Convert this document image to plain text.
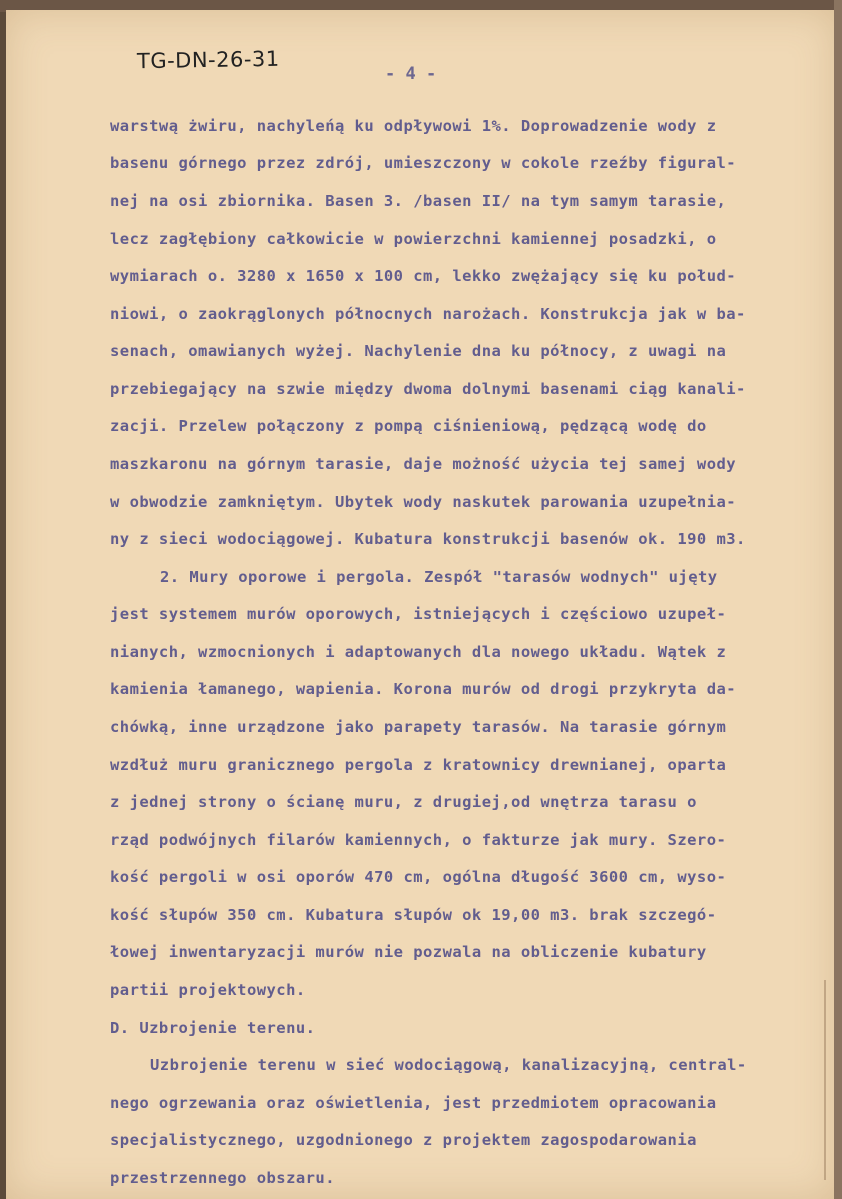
TG-DN-26-31
- 4 -
warstwą żwiru, nachyleńą ku odpływowi 1%. Doprowadzenie wody z
basenu górnego przez zdrój, umieszczony w cokole rzeźby figural-
nej na osi zbiornika. Basen 3. /basen II/ na tym samym tarasie,
lecz zagłębiony całkowicie w powierzchni kamiennej posadzki, o
wymiarach o. 3280 x 1650 x 100 cm, lekko zwężający się ku połud-
niowi, o zaokrąglonych północnych narożach. Konstrukcja jak w ba-
senach, omawianych wyżej. Nachylenie dna ku północy, z uwagi na
przebiegający na szwie między dwoma dolnymi basenami ciąg kanali-
zacji. Przelew połączony z pompą ciśnieniową, pędzącą wodę do
maszkaronu na górnym tarasie, daje możność użycia tej samej wody
w obwodzie zamkniętym. Ubytek wody naskutek parowania uzupełnia-
ny z sieci wodociągowej. Kubatura konstrukcji basenów ok. 190 m3.
2. Mury oporowe i pergola. Zespół "tarasów wodnych" ujęty
jest systemem murów oporowych, istniejących i częściowo uzupeł-
nianych, wzmocnionych i adaptowanych dla nowego układu. Wątek z
kamienia łamanego, wapienia. Korona murów od drogi przykryta da-
chówką, inne urządzone jako parapety tarasów. Na tarasie górnym
wzdłuż muru granicznego pergola z kratownicy drewnianej, oparta
z jednej strony o ścianę muru, z drugiej,od wnętrza tarasu o
rząd podwójnych filarów kamiennych, o fakturze jak mury. Szero-
kość pergoli w osi oporów 470 cm, ogólna długość 3600 cm, wyso-
kość słupów 350 cm. Kubatura słupów ok 19,00 m3. brak szczegó-
łowej inwentaryzacji murów nie pozwala na obliczenie kubatury
partii projektowych.
D. Uzbrojenie terenu.
Uzbrojenie terenu w sieć wodociągową, kanalizacyjną, central-
nego ogrzewania oraz oświetlenia, jest przedmiotem opracowania
specjalistycznego, uzgodnionego z projektem zagospodarowania
przestrzennego obszaru.
